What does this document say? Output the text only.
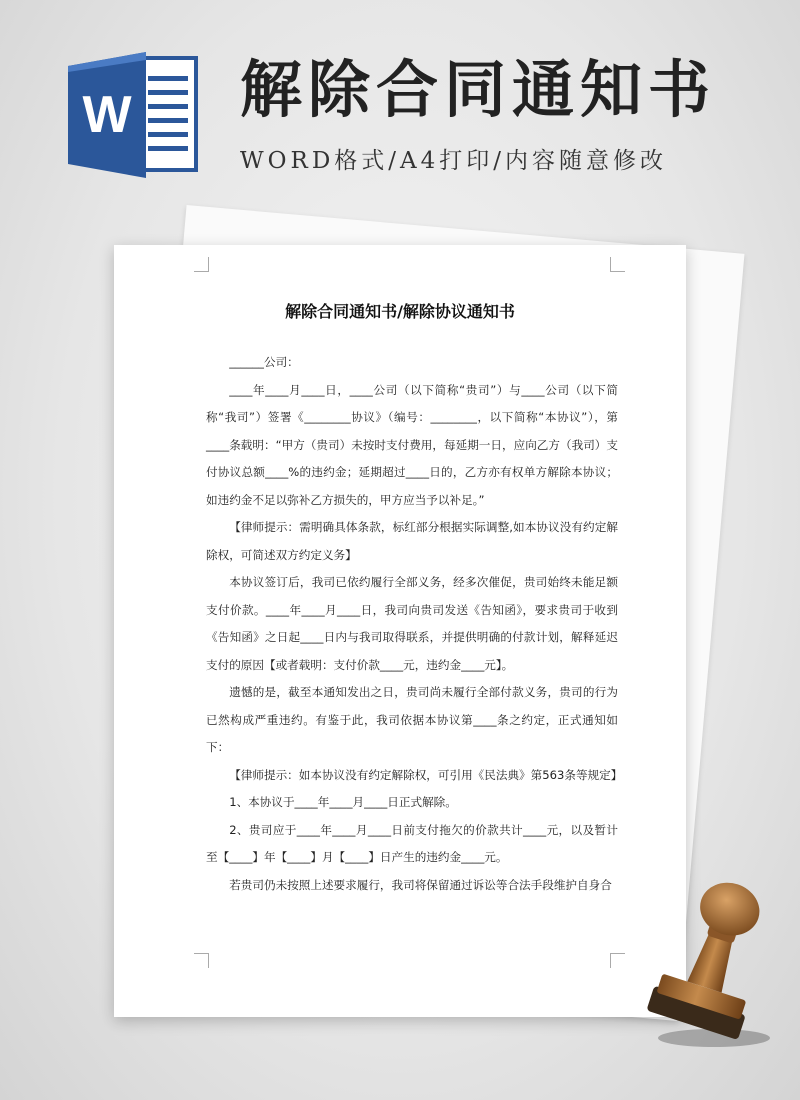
W 解除合同通知书
WORD格式/A4打印/内容随意修改
解除合同通知书/解除协议通知书

______公司：

____年____月____日，____公司（以下简称“贵司”）与____公司（以下简称“我司”）签署《________协议》（编号：________，以下简称“本协议”），第____条载明：“甲方（贵司）未按时支付费用，每延期一日，应向乙方（我司）支付协议总额____%的违约金；延期超过____日的，乙方亦有权单方解除本协议；如违约金不足以弥补乙方损失的，甲方应当予以补足。”

【律师提示：需明确具体条款，标红部分根据实际调整,如本协议没有约定解除权，可简述双方约定义务】

本协议签订后，我司已依约履行全部义务，经多次催促，贵司始终未能足额支付价款。____年____月____日，我司向贵司发送《告知函》，要求贵司于收到《告知函》之日起____日内与我司取得联系，并提供明确的付款计划，解释延迟支付的原因【或者载明：支付价款____元，违约金____元】。

遗憾的是，截至本通知发出之日，贵司尚未履行全部付款义务，贵司的行为已然构成严重违约。有鉴于此，我司依据本协议第____条之约定，正式通知如下：

【律师提示：如本协议没有约定解除权，可引用《民法典》第563条等规定】

1、本协议于____年____月____日正式解除。

2、贵司应于____年____月____日前支付拖欠的价款共计____元，以及暂计至【____】年【____】月【____】日产生的违约金____元。

若贵司仍未按照上述要求履行，我司将保留通过诉讼等合法手段维护自身合
